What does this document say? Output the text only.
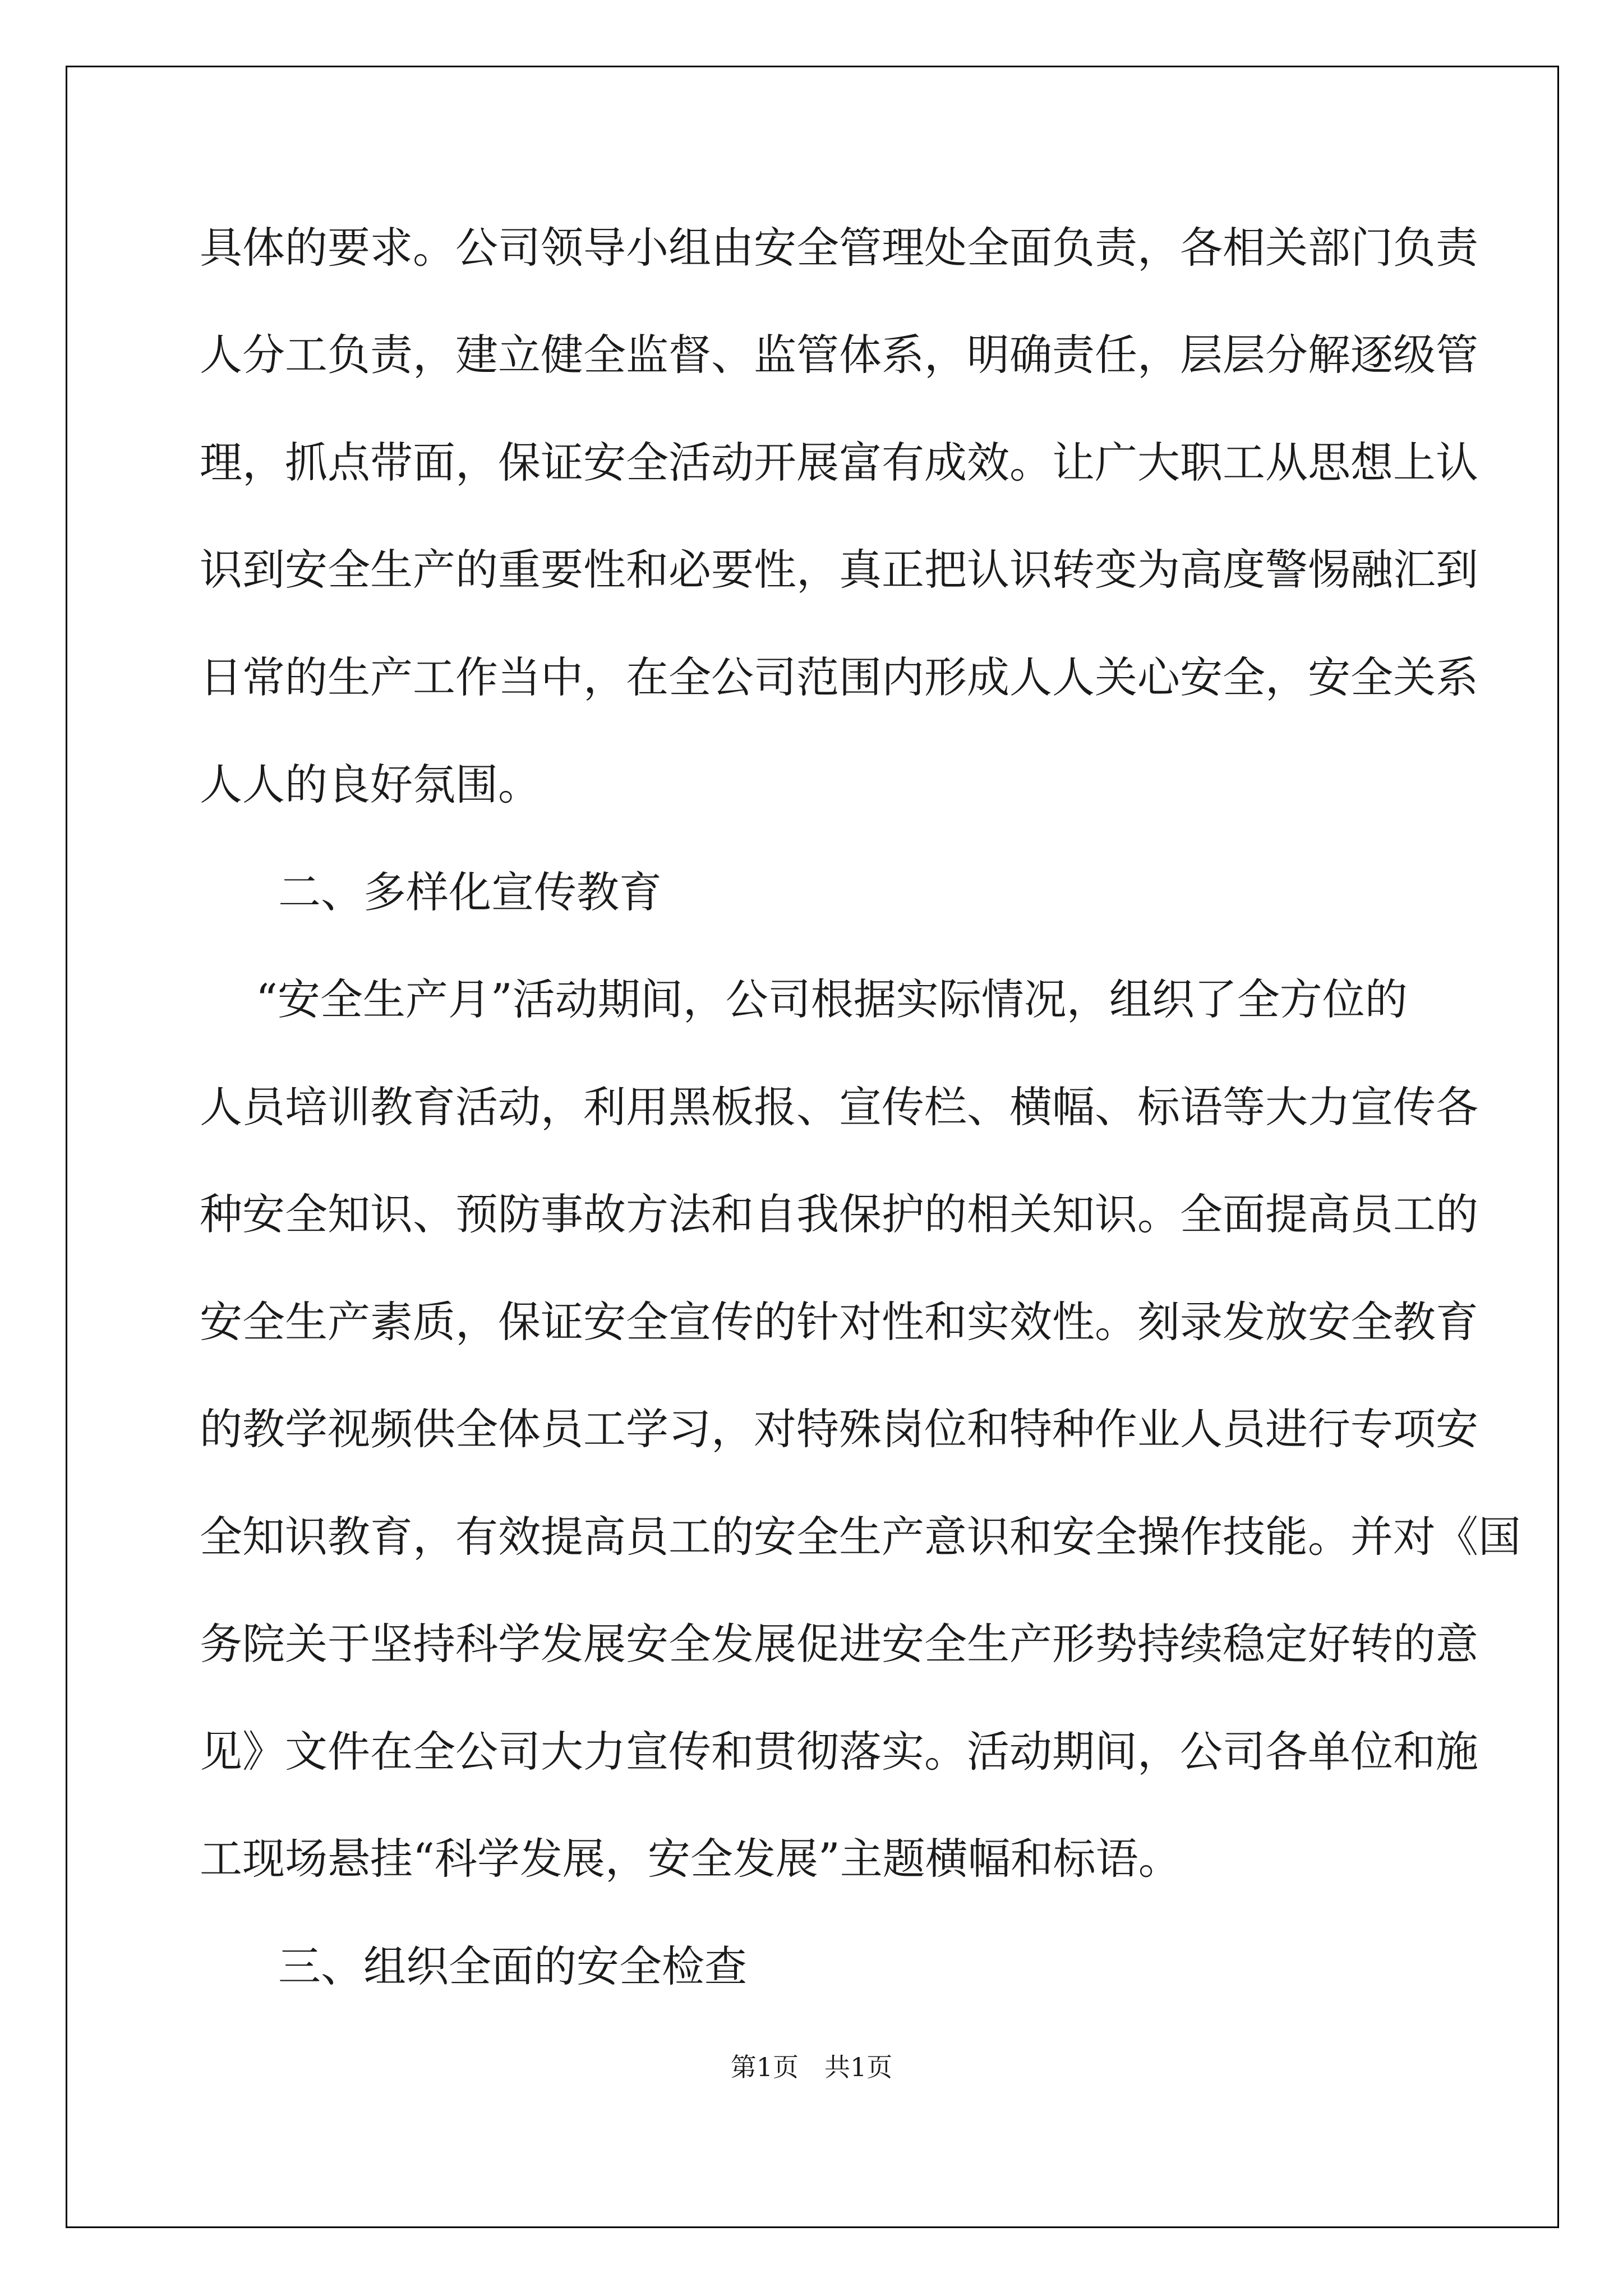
具体的要求。公司领导小组由安全管理处全面负责，各相关部门负责

人分工负责，建立健全监督、监管体系，明确责任，层层分解逐级管

理，抓点带面，保证安全活动开展富有成效。让广大职工从思想上认

识到安全生产的重要性和必要性，真正把认识转变为高度警惕融汇到

日常的生产工作当中，在全公司范围内形成人人关心安全，安全关系

人人的良好氛围。

二、多样化宣传教育

“安全生产月”活动期间，公司根据实际情况，组织了全方位的

人员培训教育活动，利用黑板报、宣传栏、横幅、标语等大力宣传各

种安全知识、预防事故方法和自我保护的相关知识。全面提高员工的

安全生产素质，保证安全宣传的针对性和实效性。刻录发放安全教育

的教学视频供全体员工学习，对特殊岗位和特种作业人员进行专项安

全知识教育，有效提高员工的安全生产意识和安全操作技能。并对《国

务院关于坚持科学发展安全发展促进安全生产形势持续稳定好转的意

见》文件在全公司大力宣传和贯彻落实。活动期间，公司各单位和施

工现场悬挂“科学发展，安全发展”主题横幅和标语。

三、组织全面的安全检查

第1页　共1页
